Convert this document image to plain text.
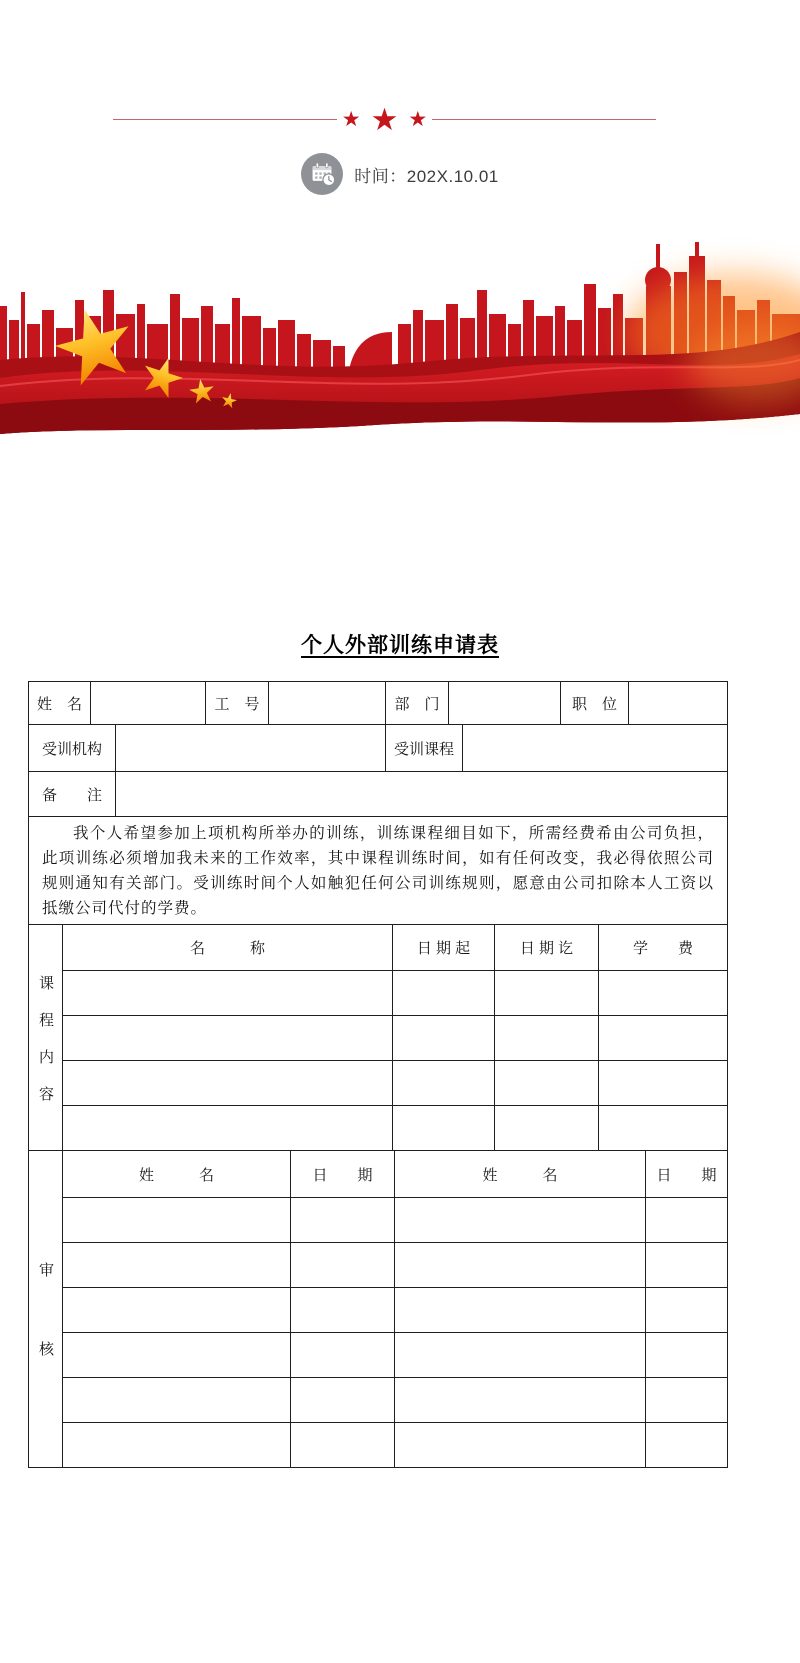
★ ★ ★
时间：202X.10.01
个人外部训练申请表
姓　名	工　号	部　门	职　位
受训机构	受训课程
备　　注
我个人希望参加上项机构所举办的训练，训练课程细目如下，所需经费希由公司负担，此项训练必须增加我未来的工作效率，其中课程训练时间，如有任何改变，我必得依照公司规则通知有关部门。受训练时间个人如触犯任何公司训练规则，愿意由公司扣除本人工资以抵缴公司代付的学费。
课程内容
名　　　称	日 期 起	日 期 讫	学　　费
审核
姓　　　名	日　　期	姓　　　名	日　　期
